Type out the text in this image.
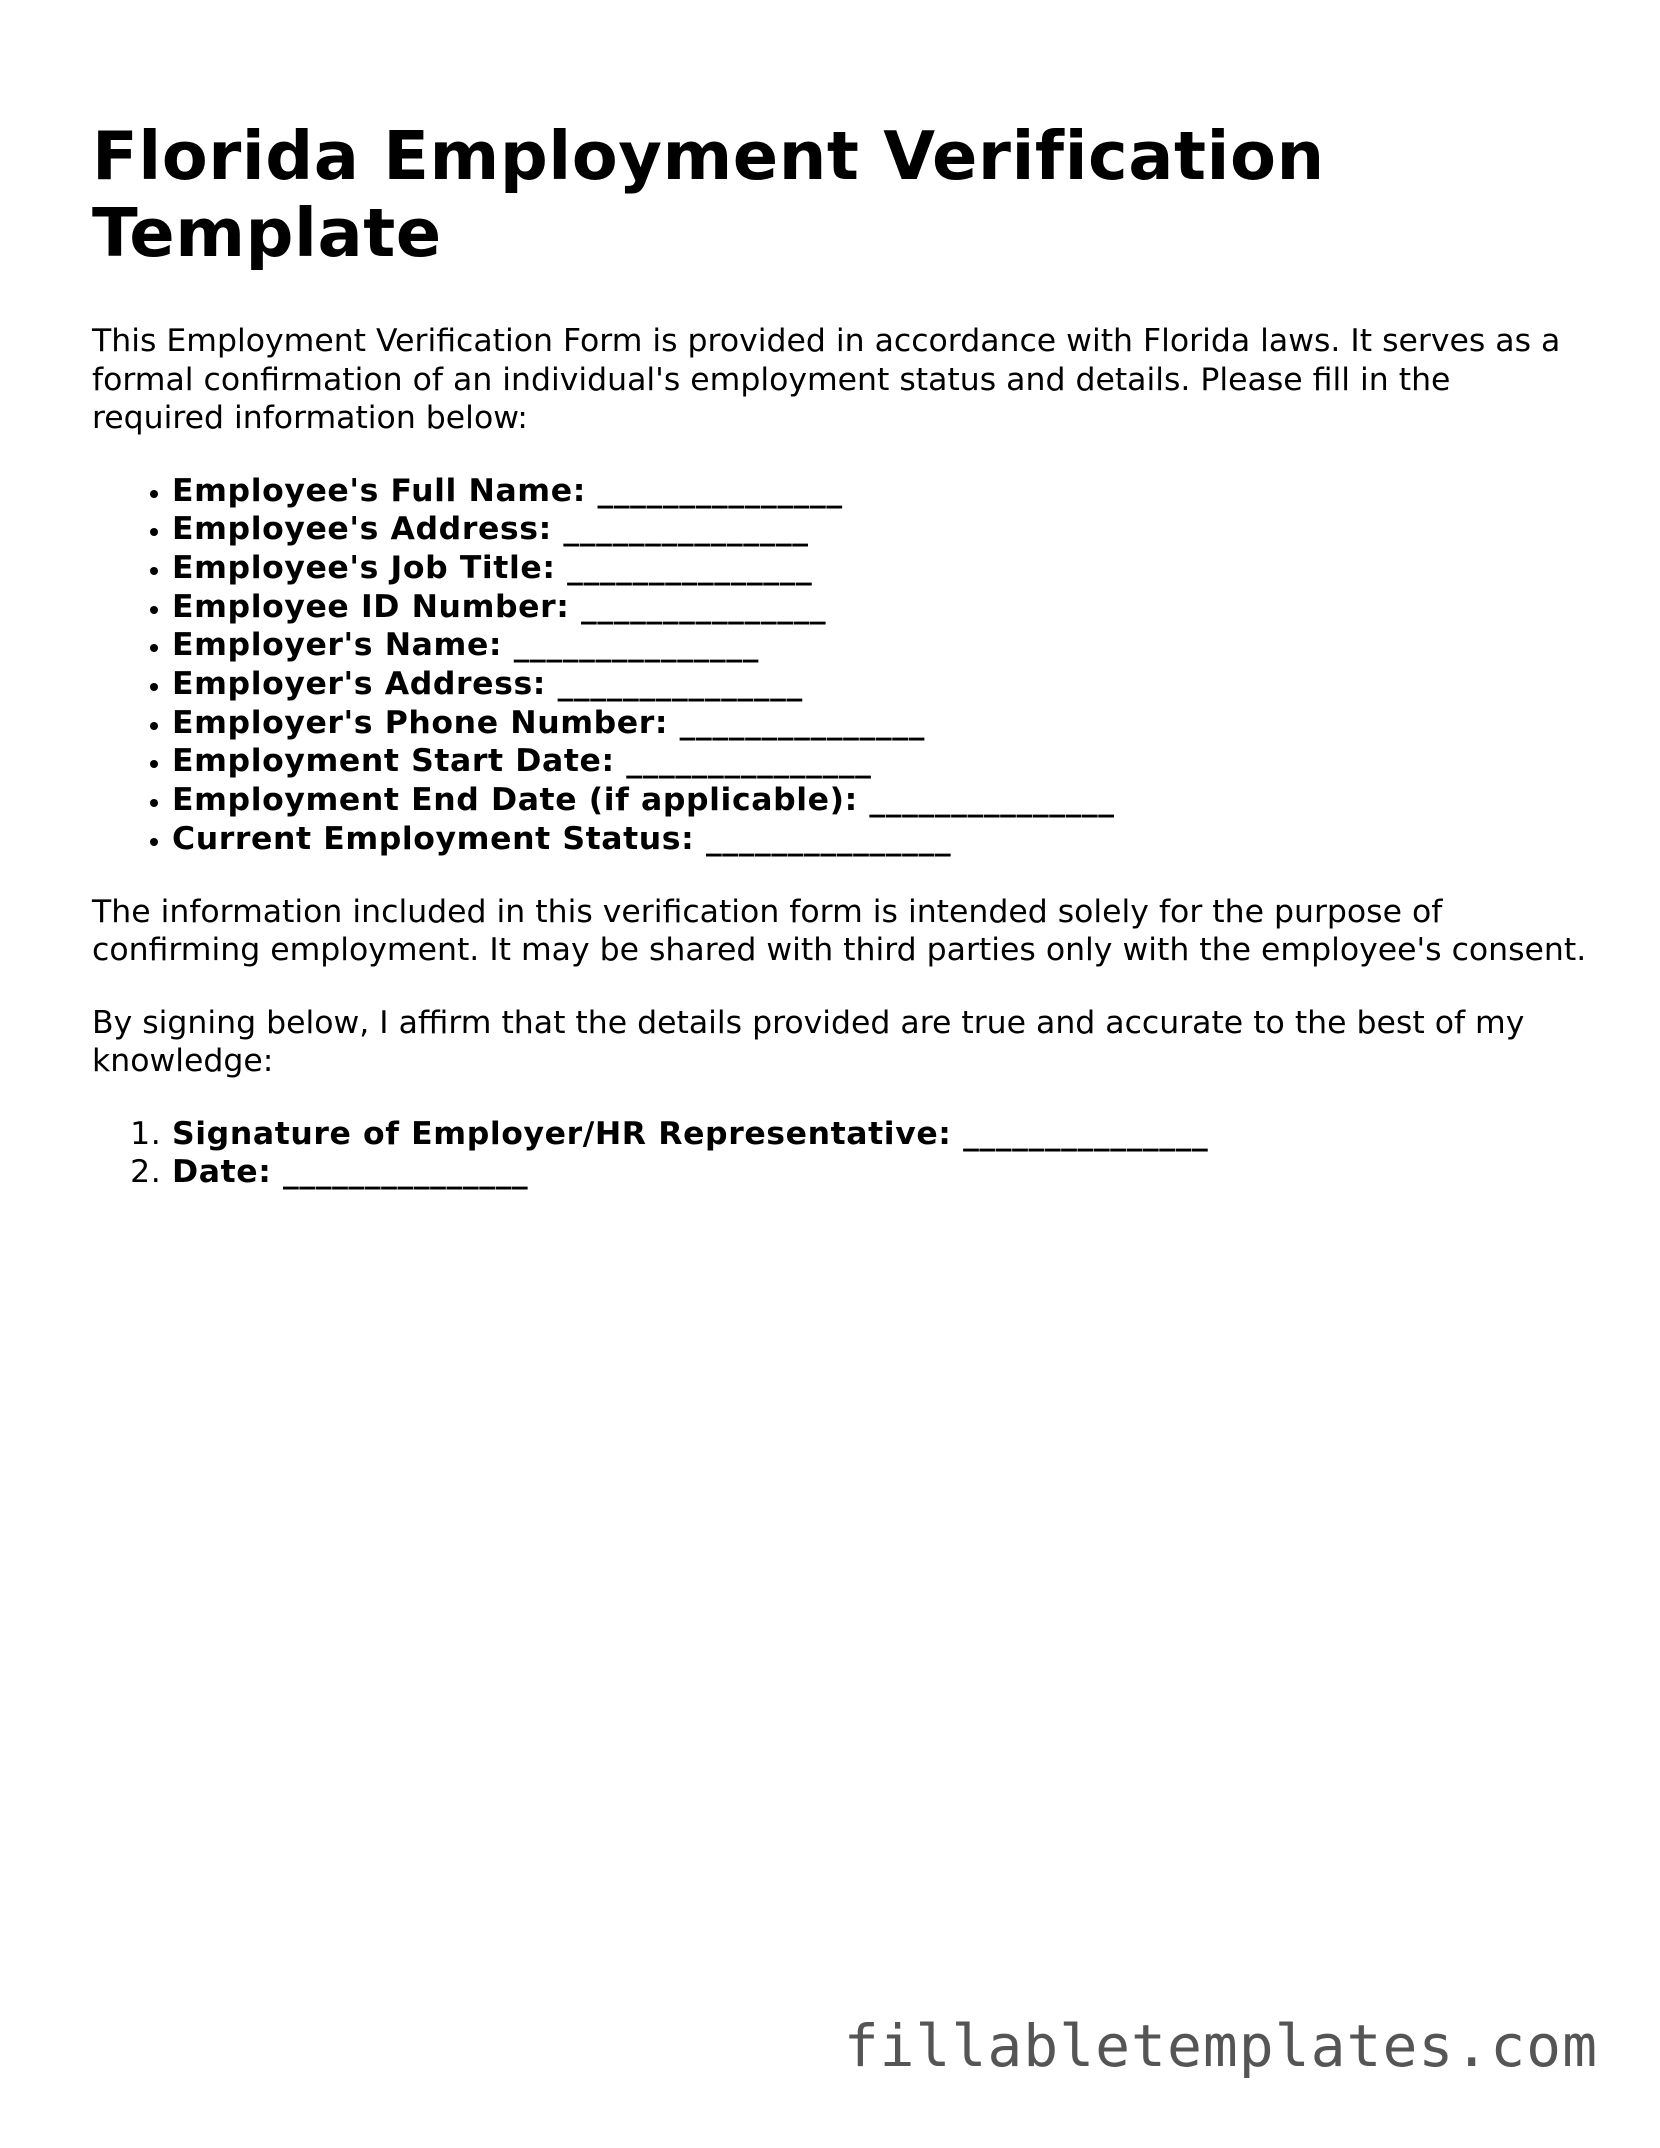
Florida Employment Verification Template

This Employment Verification Form is provided in accordance with Florida laws. It serves as a formal confirmation of an individual's employment status and details. Please fill in the required information below:

• Employee's Full Name: _______________
• Employee's Address: _______________
• Employee's Job Title: _______________
• Employee ID Number: _______________
• Employer's Name: _______________
• Employer's Address: _______________
• Employer's Phone Number: _______________
• Employment Start Date: _______________
• Employment End Date (if applicable): _______________
• Current Employment Status: _______________

The information included in this verification form is intended solely for the purpose of confirming employment. It may be shared with third parties only with the employee's consent.

By signing below, I affirm that the details provided are true and accurate to the best of my knowledge:

1. Signature of Employer/HR Representative: _______________
2. Date: _______________
fillabletemplates.com
